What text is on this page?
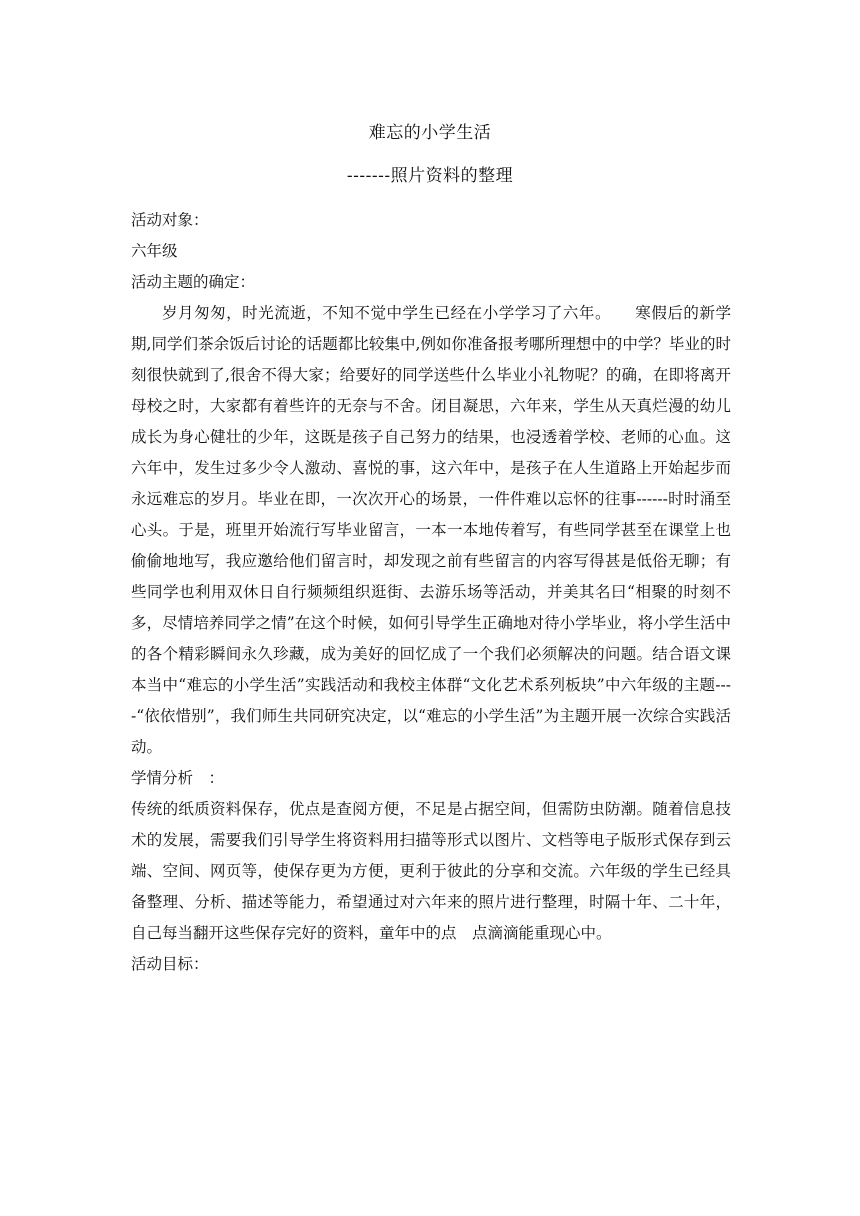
难忘的小学生活
-------照片资料的整理

活动对象：

六年级

活动主题的确定：

岁月匆匆，时光流逝，不知不觉中学生已经在小学学习了六年。　　寒假后的新学期,同学们茶余饭后讨论的话题都比较集中,例如你准备报考哪所理想中的中学？毕业的时刻很快就到了,很舍不得大家；给要好的同学送些什么毕业小礼物呢？的确，在即将离开母校之时，大家都有着些许的无奈与不舍。闭目凝思，六年来，学生从天真烂漫的幼儿成长为身心健壮的少年，这既是孩子自己努力的结果，也浸透着学校、老师的心血。这六年中，发生过多少令人激动、喜悦的事，这六年中，是孩子在人生道路上开始起步而永远难忘的岁月。毕业在即，一次次开心的场景，一件件难以忘怀的往事------时时涌至心头。于是，班里开始流行写毕业留言，一本一本地传着写，有些同学甚至在课堂上也偷偷地地写，我应邀给他们留言时，却发现之前有些留言的内容写得甚是低俗无聊；有些同学也利用双休日自行频频组织逛街、去游乐场等活动，并美其名曰“相聚的时刻不多，尽情培养同学之情”在这个时候，如何引导学生正确地对待小学毕业，将小学生活中的各个精彩瞬间永久珍藏，成为美好的回忆成了一个我们必须解决的问题。结合语文课本当中“难忘的小学生活”实践活动和我校主体群“文化艺术系列板块”中六年级的主题----“依依惜别”，我们师生共同研究决定，以“难忘的小学生活”为主题开展一次综合实践活动。

学情分析　：

传统的纸质资料保存，优点是查阅方便，不足是占据空间，但需防虫防潮。随着信息技术的发展，需要我们引导学生将资料用扫描等形式以图片、文档等电子版形式保存到云端、空间、网页等，使保存更为方便，更利于彼此的分享和交流。六年级的学生已经具备整理、分析、描述等能力，希望通过对六年来的照片进行整理，时隔十年、二十年，自己每当翻开这些保存完好的资料，童年中的点　点滴滴能重现心中。

活动目标：
